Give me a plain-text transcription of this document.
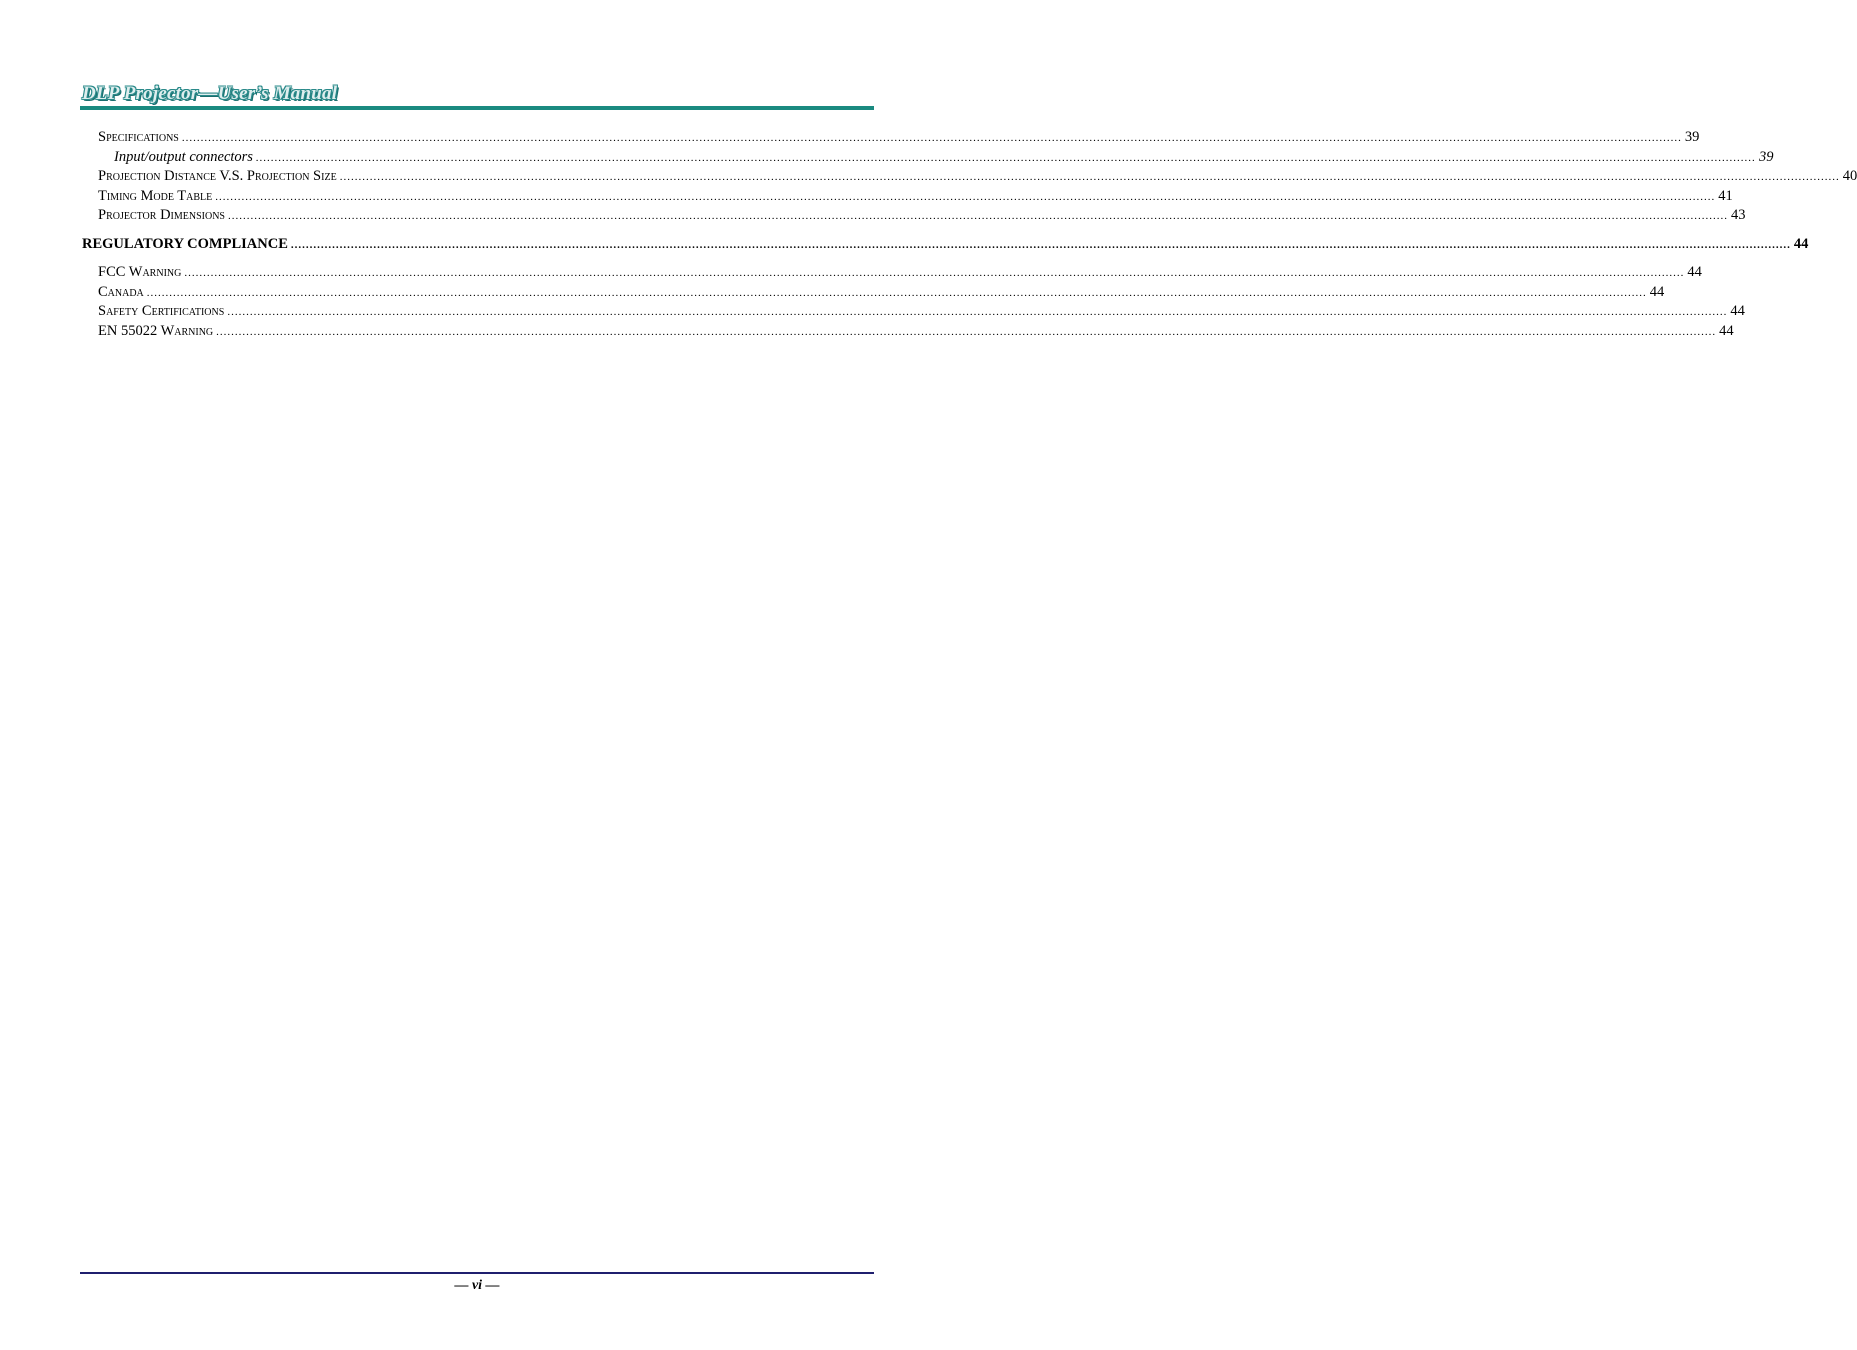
DLP Projector—User’s Manual
Specifications ................................................................................................................................................................................................................................................................................................................................................................................................................ 39
Input/output connectors ................................................................................................................................................................................................................................................................................................................................................................................................................ 39
Projection Distance V.S. Projection Size ................................................................................................................................................................................................................................................................................................................................................................................................................ 40
Timing Mode Table ................................................................................................................................................................................................................................................................................................................................................................................................................ 41
Projector Dimensions ................................................................................................................................................................................................................................................................................................................................................................................................................ 43
REGULATORY COMPLIANCE ................................................................................................................................................................................................................................................................................................................................................................................................................ 44
FCC Warning ................................................................................................................................................................................................................................................................................................................................................................................................................ 44
Canada ................................................................................................................................................................................................................................................................................................................................................................................................................ 44
Safety Certifications ................................................................................................................................................................................................................................................................................................................................................................................................................ 44
EN 55022 Warning ................................................................................................................................................................................................................................................................................................................................................................................................................ 44
— vi —
